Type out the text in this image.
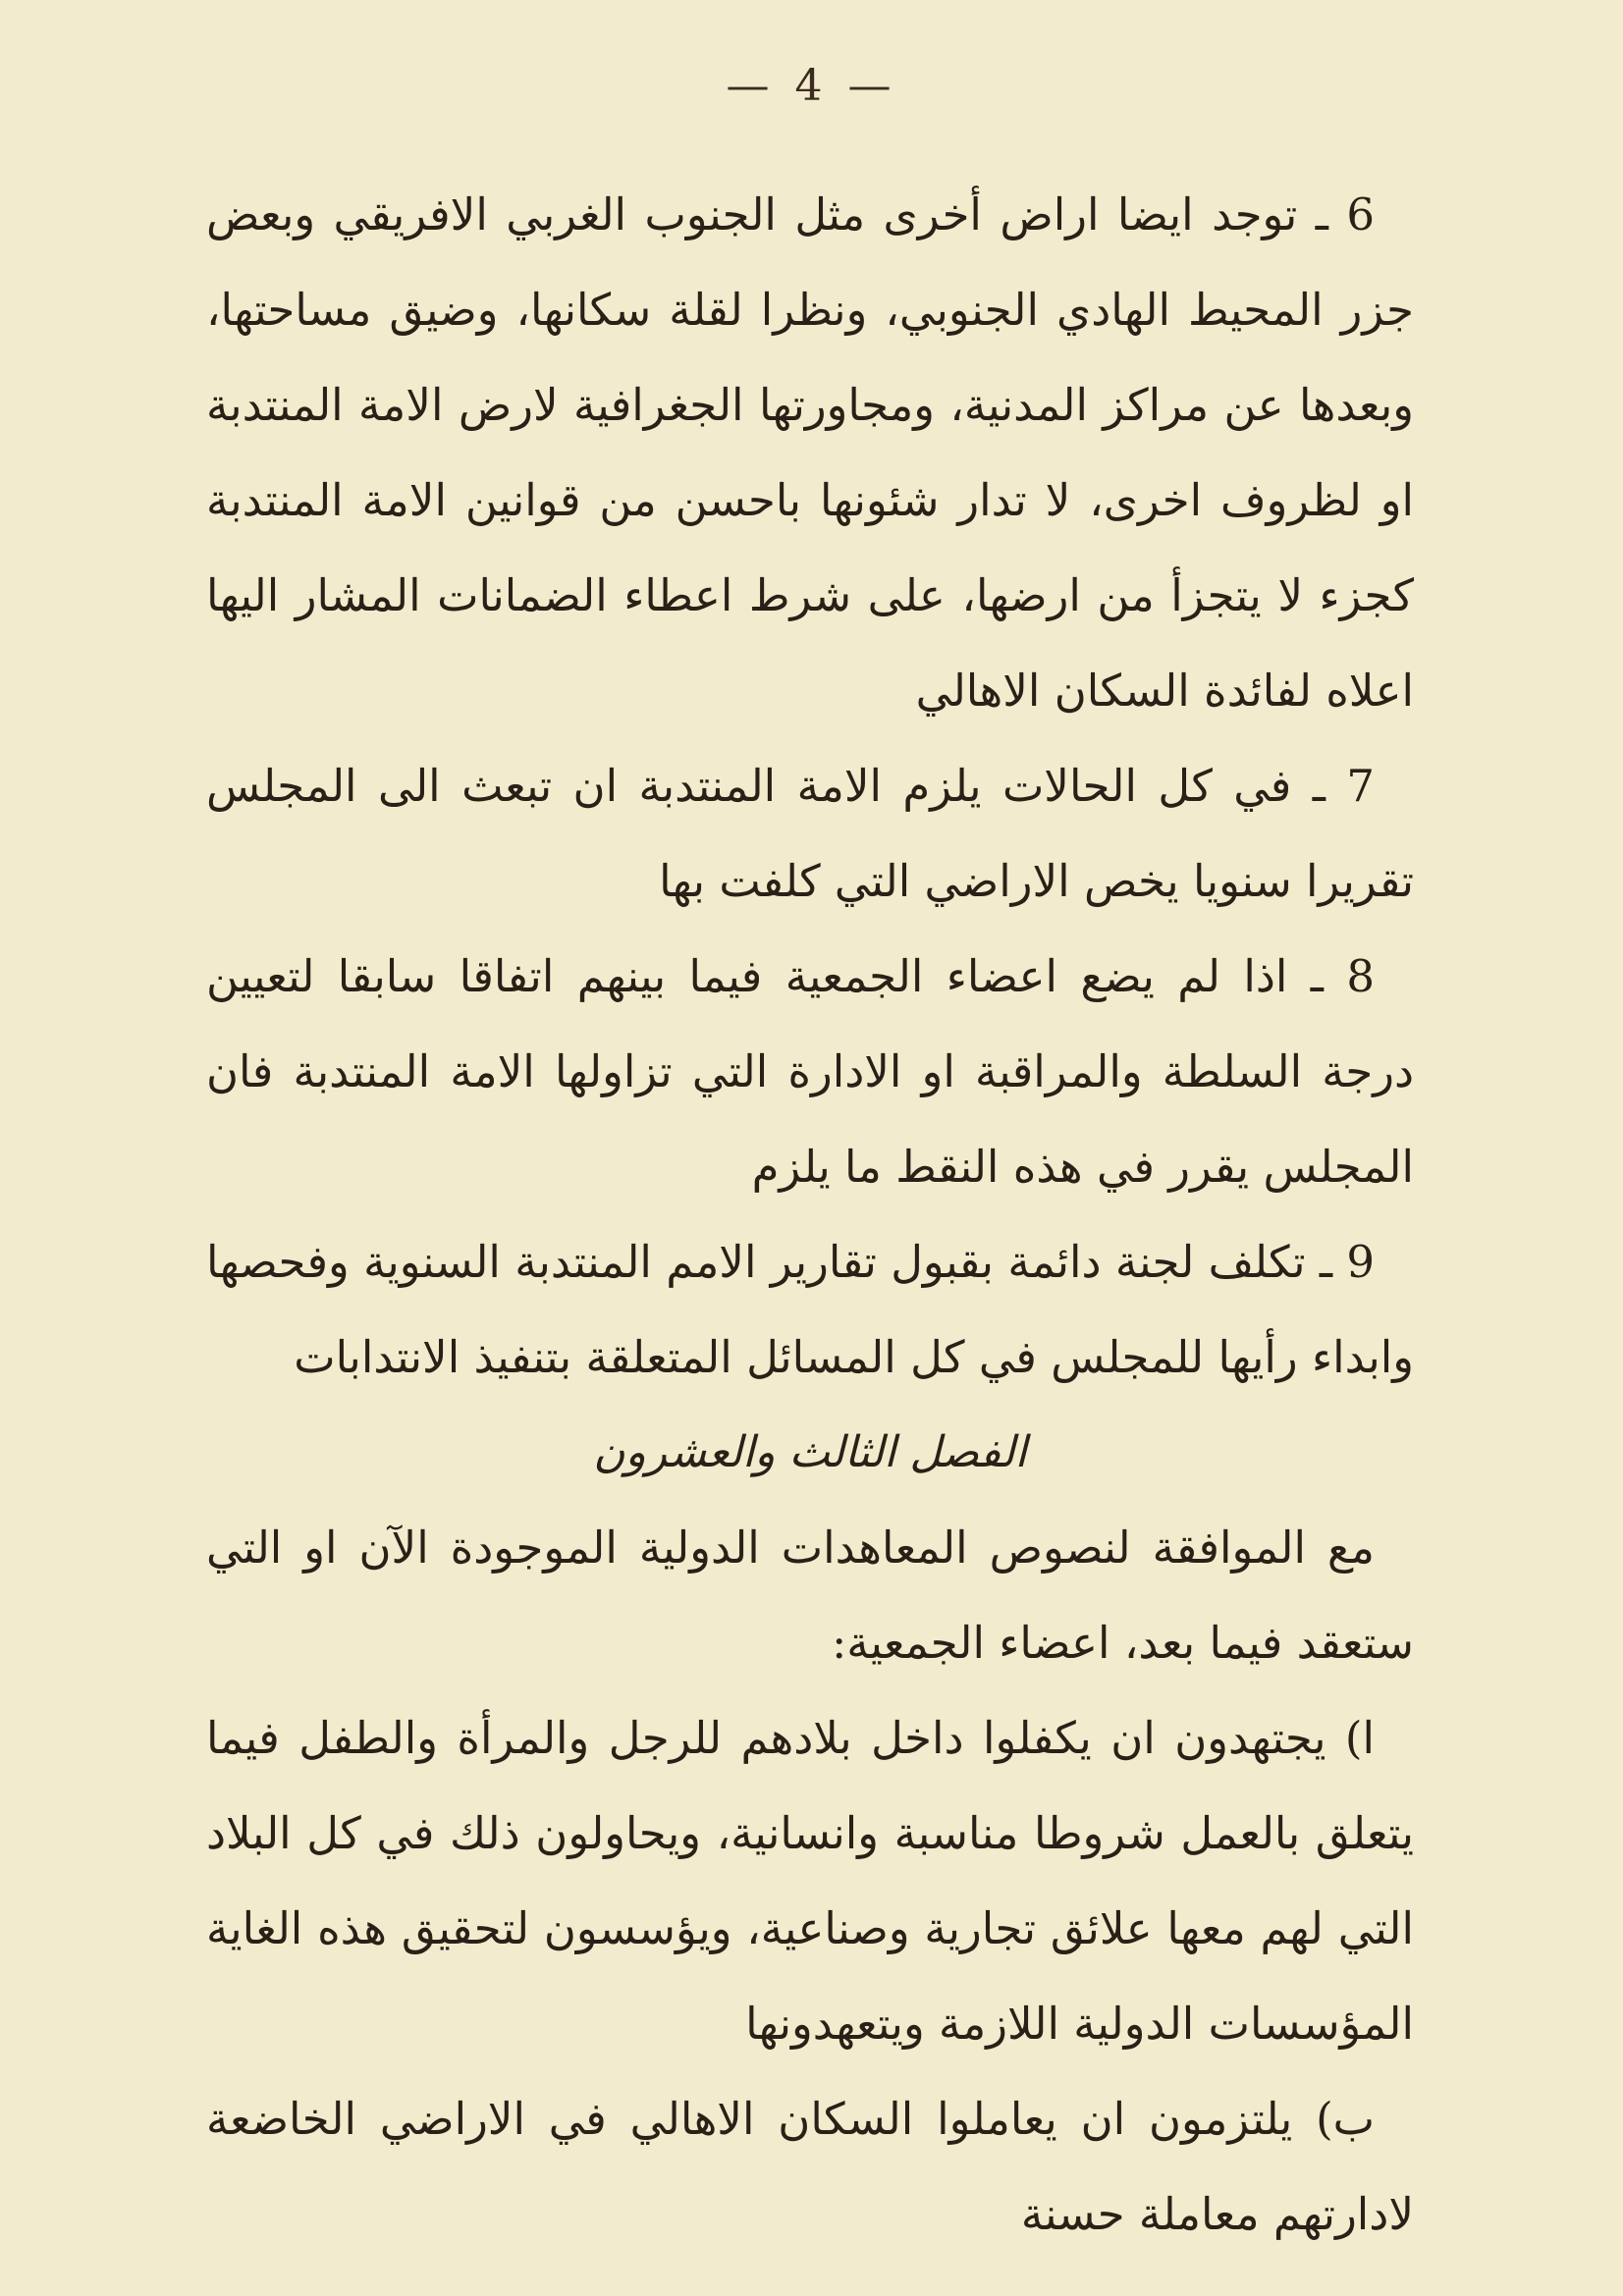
— 4 —

6 ـ توجد ايضا اراض أخرى مثل الجنوب الغربي الافريقي وبعض جزر المحيط الهادي الجنوبي، ونظرا لقلة سكانها، وضيق مساحتها، وبعدها عن مراكز المدنية، ومجاورتها الجغرافية لارض الامة المنتدبة او لظروف اخرى، لا تدار شئونها باحسن من قوانين الامة المنتدبة كجزء لا يتجزأ من ارضها، على شرط اعطاء الضمانات المشار اليها اعلاه لفائدة السكان الاهالي

7 ـ في كل الحالات يلزم الامة المنتدبة ان تبعث الى المجلس تقريرا سنويا يخص الاراضي التي كلفت بها

8 ـ اذا لم يضع اعضاء الجمعية فيما بينهم اتفاقا سابقا لتعيين درجة السلطة والمراقبة او الادارة التي تزاولها الامة المنتدبة فان المجلس يقرر في هذه النقط ما يلزم

9 ـ تكلف لجنة دائمة بقبول تقارير الامم المنتدبة السنوية وفحصها وابداء رأيها للمجلس في كل المسائل المتعلقة بتنفيذ الانتدابات

الفصل الثالث والعشرون

مع الموافقة لنصوص المعاهدات الدولية الموجودة الآن او التي ستعقد فيما بعد، اعضاء الجمعية:

ا) يجتهدون ان يكفلوا داخل بلادهم للرجل والمرأة والطفل فيما يتعلق بالعمل شروطا مناسبة وانسانية، ويحاولون ذلك في كل البلاد التي لهم معها علائق تجارية وصناعية، ويؤسسون لتحقيق هذه الغاية المؤسسات الدولية اللازمة ويتعهدونها

ب) يلتزمون ان يعاملوا السكان الاهالي في الاراضي الخاضعة لادارتهم معاملة حسنة
